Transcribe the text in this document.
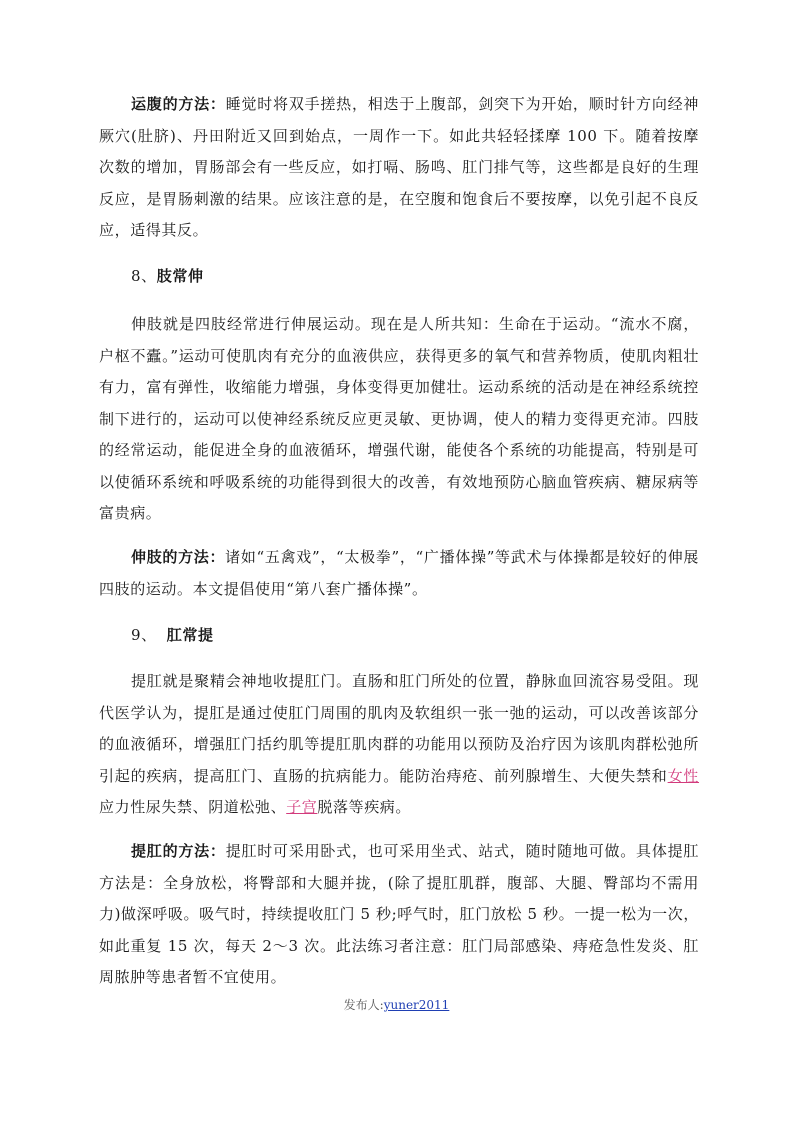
运腹的方法：睡觉时将双手搓热，相迭于上腹部，剑突下为开始，顺时针方向经神厥穴(肚脐)、丹田附近又回到始点，一周作一下。如此共轻轻揉摩 100 下。随着按摩次数的增加，胃肠部会有一些反应，如打嗝、肠鸣、肛门排气等，这些都是良好的生理反应，是胃肠刺激的结果。应该注意的是，在空腹和饱食后不要按摩，以免引起不良反应，适得其反。

8、肢常伸

伸肢就是四肢经常进行伸展运动。现在是人所共知：生命在于运动。“流水不腐，户枢不蠹。”运动可使肌肉有充分的血液供应，获得更多的氧气和营养物质，使肌肉粗壮有力，富有弹性，收缩能力增强，身体变得更加健壮。运动系统的活动是在神经系统控制下进行的，运动可以使神经系统反应更灵敏、更协调，使人的精力变得更充沛。四肢的经常运动，能促进全身的血液循环，增强代谢，能使各个系统的功能提高，特别是可以使循环系统和呼吸系统的功能得到很大的改善，有效地预防心脑血管疾病、糖尿病等富贵病。

伸肢的方法：诸如“五禽戏”，“太极拳”，“广播体操”等武术与体操都是较好的伸展四肢的运动。本文提倡使用“第八套广播体操”。

9、 肛常提

提肛就是聚精会神地收提肛门。直肠和肛门所处的位置，静脉血回流容易受阻。现代医学认为，提肛是通过使肛门周围的肌肉及软组织一张一弛的运动，可以改善该部分的血液循环，增强肛门括约肌等提肛肌肉群的功能用以预防及治疗因为该肌肉群松弛所引起的疾病，提高肛门、直肠的抗病能力。能防治痔疮、前列腺增生、大便失禁和女性应力性尿失禁、阴道松弛、子宫脱落等疾病。

提肛的方法：提肛时可采用卧式，也可采用坐式、站式，随时随地可做。具体提肛方法是：全身放松，将臀部和大腿并拢，(除了提肛肌群，腹部、大腿、臀部均不需用力)做深呼吸。吸气时，持续提收肛门 5 秒;呼气时，肛门放松 5 秒。一提一松为一次，如此重复 15 次，每天 2～3 次。此法练习者注意：肛门局部感染、痔疮急性发炎、肛周脓肿等患者暂不宜使用。

发布人:yuner2011
